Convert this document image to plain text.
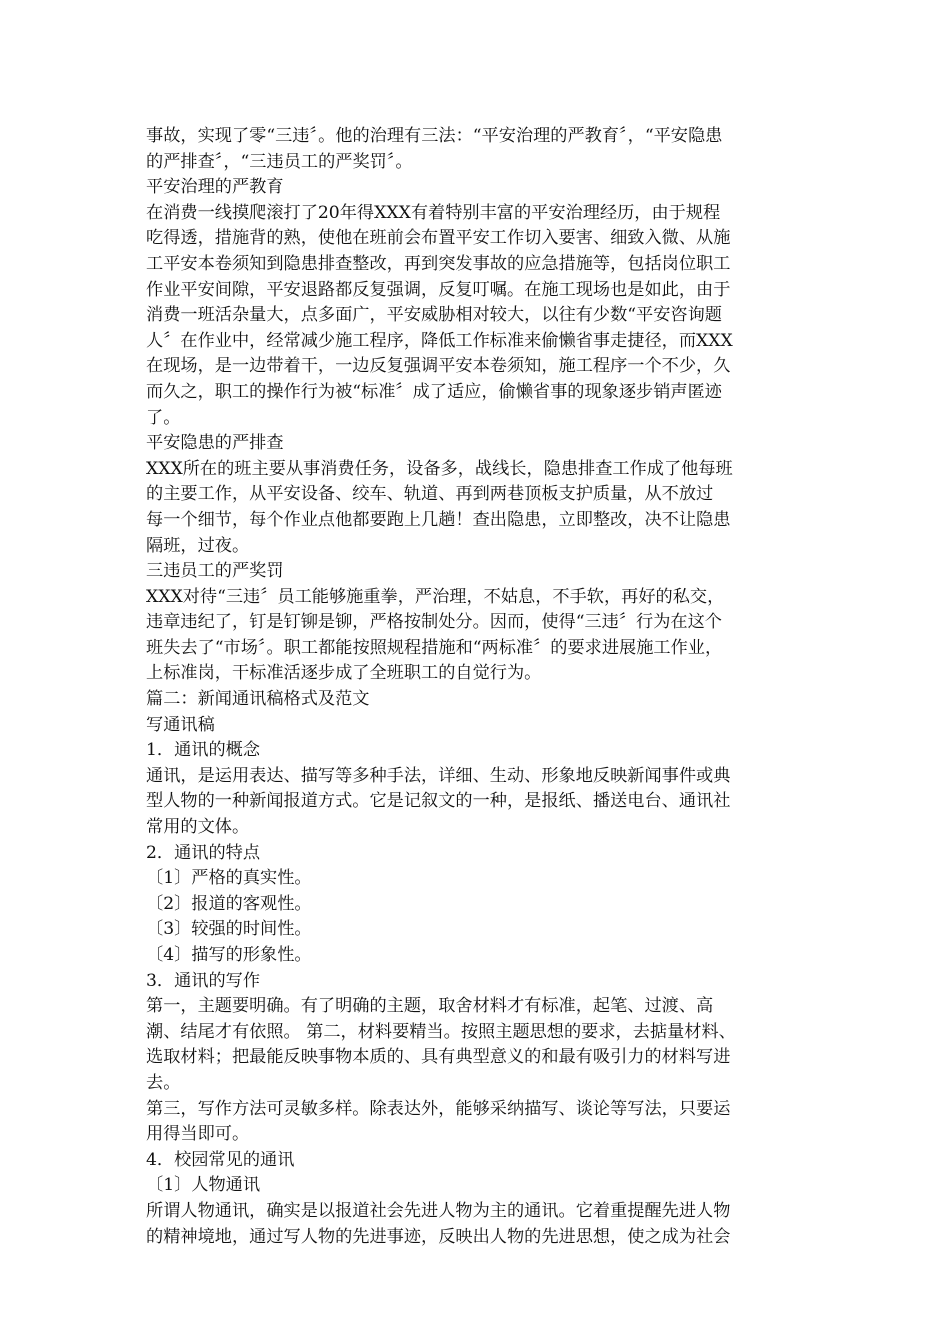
事故，实现了零“三违〞。他的治理有三法：“平安治理的严教育〞，“平安隐患
的严排查〞，“三违员工的严奖罚〞。
平安治理的严教育
在消费一线摸爬滚打了20年得XXX有着特别丰富的平安治理经历，由于规程
吃得透，措施背的熟，使他在班前会布置平安工作切入要害、细致入微、从施
工平安本卷须知到隐患排查整改，再到突发事故的应急措施等，包括岗位职工
作业平安间隙，平安退路都反复强调，反复叮嘱。在施工现场也是如此，由于
消费一班活杂量大，点多面广，平安威胁相对较大，以往有少数“平安咨询题
人〞在作业中，经常减少施工程序，降低工作标准来偷懒省事走捷径，而XXX
在现场，是一边带着干，一边反复强调平安本卷须知，施工程序一个不少，久
而久之，职工的操作行为被“标准〞成了适应，偷懒省事的现象逐步销声匿迹
了。
平安隐患的严排查
XXX所在的班主要从事消费任务，设备多，战线长，隐患排查工作成了他每班
的主要工作，从平安设备、绞车、轨道、再到两巷顶板支护质量，从不放过
每一个细节，每个作业点他都要跑上几趟！查出隐患，立即整改，决不让隐患
隔班，过夜。
三违员工的严奖罚
XXX对待“三违〞员工能够施重拳，严治理，不姑息，不手软，再好的私交，
违章违纪了，钉是钉铆是铆，严格按制处分。因而，使得“三违〞行为在这个
班失去了“市场〞。职工都能按照规程措施和“两标准〞的要求进展施工作业，
上标准岗，干标准活逐步成了全班职工的自觉行为。
篇二：新闻通讯稿格式及范文
写通讯稿
1．通讯的概念
通讯，是运用表达、描写等多种手法，详细、生动、形象地反映新闻事件或典
型人物的一种新闻报道方式。它是记叙文的一种，是报纸、播送电台、通讯社
常用的文体。
2．通讯的特点
〔1〕严格的真实性。
〔2〕报道的客观性。
〔3〕较强的时间性。
〔4〕描写的形象性。
3．通讯的写作
第一，主题要明确。有了明确的主题，取舍材料才有标准，起笔、过渡、高
潮、结尾才有依照。 第二，材料要精当。按照主题思想的要求，去掂量材料、
选取材料；把最能反映事物本质的、具有典型意义的和最有吸引力的材料写进
去。
第三，写作方法可灵敏多样。除表达外，能够采纳描写、谈论等写法，只要运
用得当即可。
4．校园常见的通讯
〔1〕人物通讯
所谓人物通讯，确实是以报道社会先进人物为主的通讯。它着重提醒先进人物
的精神境地，通过写人物的先进事迹，反映出人物的先进思想，使之成为社会
